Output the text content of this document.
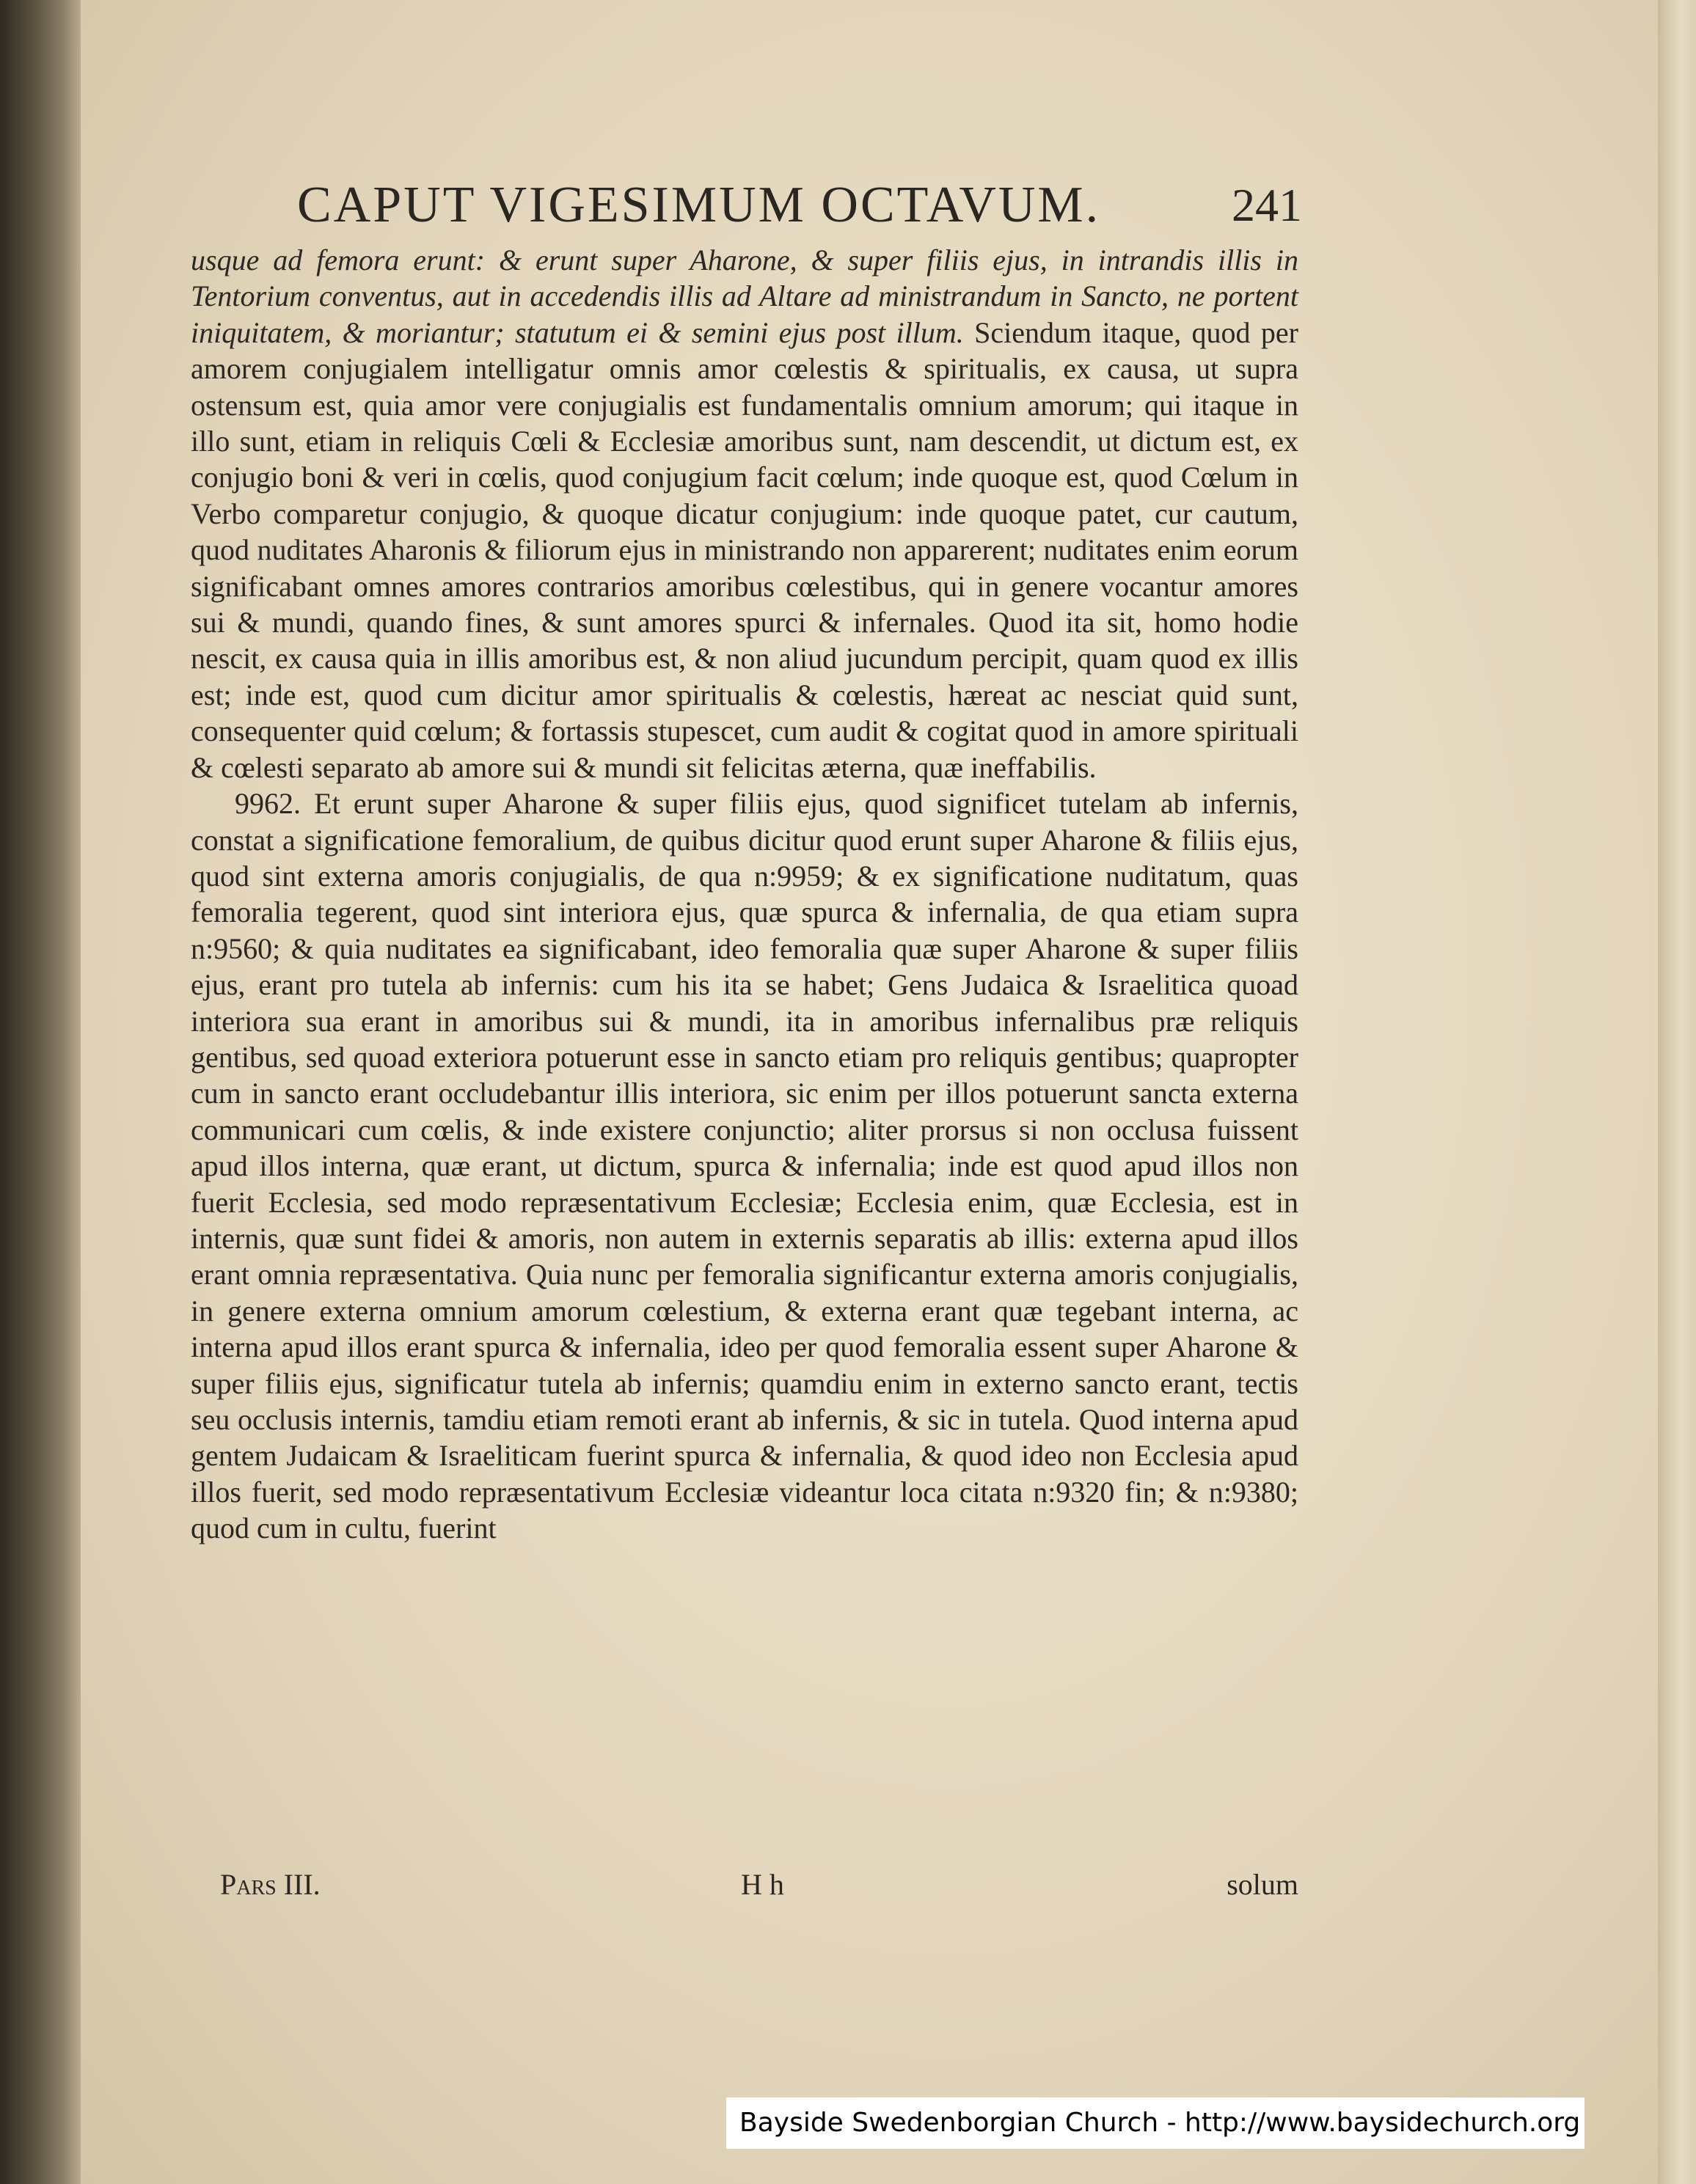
CAPUT VIGESIMUM OCTAVUM.	241

usque ad femora erunt: & erunt super Aharone, & super filiis ejus, in intrandis illis in Tentorium conventus, aut in accedendis illis ad Altare ad ministrandum in Sancto, ne portent iniquitatem, & moriantur; statutum ei & semini ejus post illum. Sciendum itaque, quod per amorem conjugialem intelligatur omnis amor cœlestis & spiritualis, ex causa, ut supra ostensum est, quia amor vere conjugialis est fundamentalis omnium amorum; qui itaque in illo sunt, etiam in reliquis Cœli & Ecclesiæ amoribus sunt, nam descendit, ut dictum est, ex conjugio boni & veri in cœlis, quod conjugium facit cœlum; inde quoque est, quod Cœlum in Verbo comparetur conjugio, & quoque dicatur conjugium: inde quoque patet, cur cautum, quod nuditates Aharonis & filiorum ejus in ministrando non apparerent; nuditates enim eorum significabant omnes amores contrarios amoribus cœlestibus, qui in genere vocantur amores sui & mundi, quando fines, & sunt amores spurci & infernales. Quod ita sit, homo hodie nescit, ex causa quia in illis amoribus est, & non aliud jucundum percipit, quam quod ex illis est; inde est, quod cum dicitur amor spiritualis & cœlestis, hæreat ac nesciat quid sunt, consequenter quid cœlum; & fortassis stupescet, cum audit & cogitat quod in amore spirituali & cœlesti separato ab amore sui & mundi sit felicitas æterna, quæ ineffabilis.

9962. Et erunt super Aharone & super filiis ejus, quod significet tutelam ab infernis, constat a significatione femoralium, de quibus dicitur quod erunt super Aharone & filiis ejus, quod sint externa amoris conjugialis, de qua n:9959; & ex significatione nuditatum, quas femoralia tegerent, quod sint interiora ejus, quæ spurca & infernalia, de qua etiam supra n:9560; & quia nuditates ea significabant, ideo femoralia quæ super Aharone & super filiis ejus, erant pro tutela ab infernis: cum his ita se habet; Gens Judaica & Israelitica quoad interiora sua erant in amoribus sui & mundi, ita in amoribus infernalibus præ reliquis gentibus, sed quoad exteriora potuerunt esse in sancto etiam pro reliquis gentibus; quapropter cum in sancto erant occludebantur illis interiora, sic enim per illos potuerunt sancta externa communicari cum cœlis, & inde existere conjunctio; aliter prorsus si non occlusa fuissent apud illos interna, quæ erant, ut dictum, spurca & infernalia; inde est quod apud illos non fuerit Ecclesia, sed modo repræsentativum Ecclesiæ; Ecclesia enim, quæ Ecclesia, est in internis, quæ sunt fidei & amoris, non autem in externis separatis ab illis: externa apud illos erant omnia repræsentativa. Quia nunc per femoralia significantur externa amoris conjugialis, in genere externa omnium amorum cœlestium, & externa erant quæ tegebant interna, ac interna apud illos erant spurca & infernalia, ideo per quod femoralia essent super Aharone & super filiis ejus, significatur tutela ab infernis; quamdiu enim in externo sancto erant, tectis seu occlusis internis, tamdiu etiam remoti erant ab infernis, & sic in tutela. Quod interna apud gentem Judaicam & Israeliticam fuerint spurca & infernalia, & quod ideo non Ecclesia apud illos fuerit, sed modo repræsentativum Ecclesiæ videantur loca citata n:9320 fin; & n:9380; quod cum in cultu, fuerint

Pars III.	H h	solum
Bayside Swedenborgian Church - http://www.baysidechurch.org
